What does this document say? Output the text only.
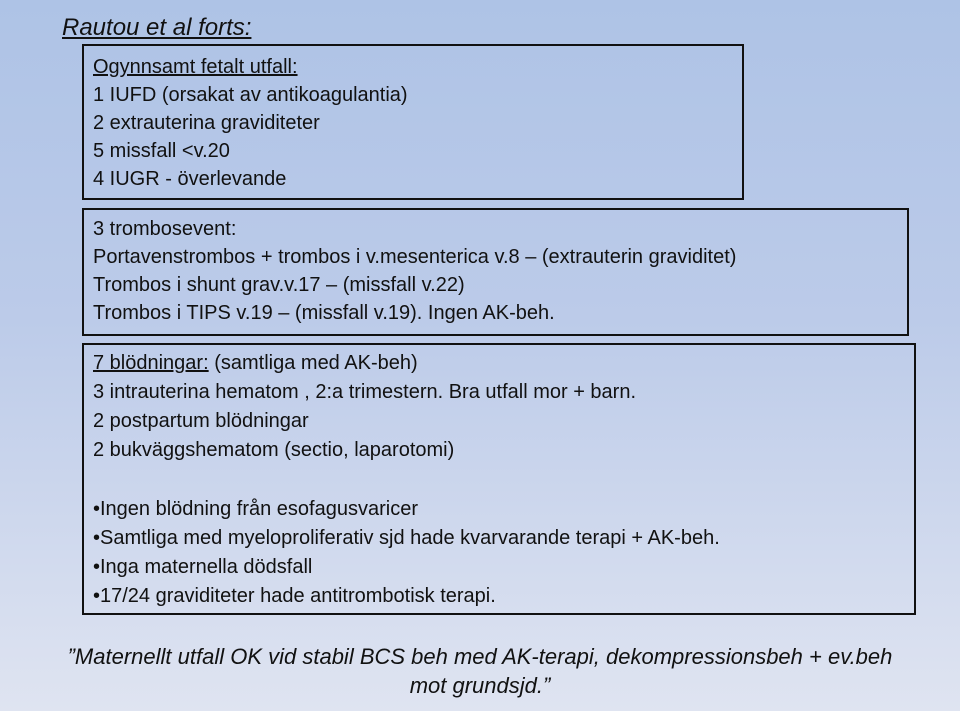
Rautou et al forts:
Ogynnsamt fetalt utfall:
1 IUFD (orsakat av antikoagulantia)
2 extrauterina graviditeter
5 missfall <v.20
4 IUGR - överlevande
3 trombosevent:
Portavenstrombos + trombos i v.mesenterica v.8 – (extrauterin graviditet)
Trombos i shunt grav.v.17 – (missfall v.22)
Trombos i TIPS v.19 – (missfall v.19). Ingen AK-beh.
7 blödningar: (samtliga med AK-beh)
3 intrauterina hematom , 2:a trimestern. Bra utfall mor + barn.
2 postpartum blödningar
2 bukväggshematom (sectio, laparotomi)
•Ingen blödning från esofagusvaricer
•Samtliga med myeloproliferativ sjd hade kvarvarande terapi + AK-beh.
•Inga maternella dödsfall
•17/24 graviditeter hade antitrombotisk terapi.
”Maternellt utfall OK vid stabil BCS beh med AK-terapi, dekompressionsbeh + ev.beh
mot grundsjd.”
